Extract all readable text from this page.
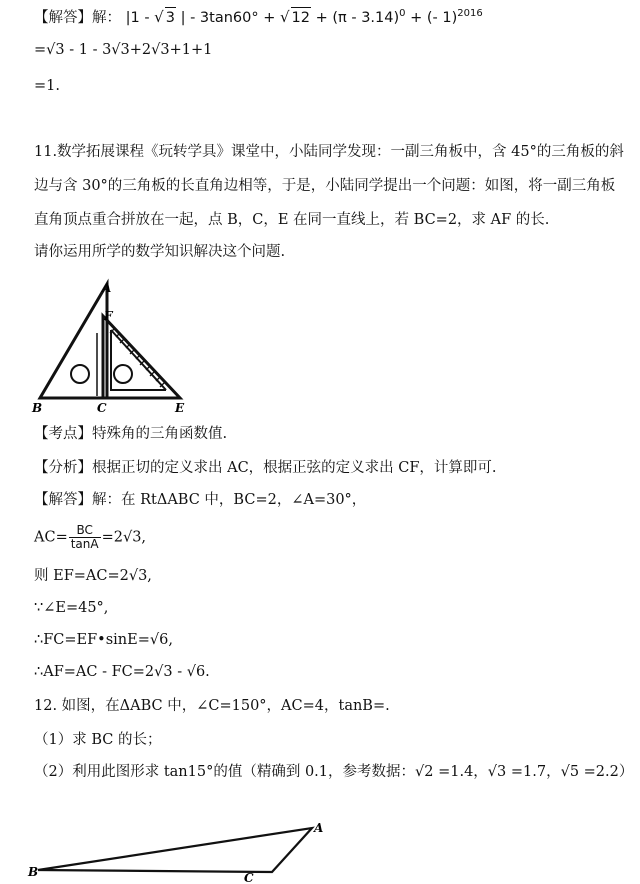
【解答】解： |1 - √ 3 | - 3tan60° + √ 12 + (π - 3.14)$^0$ + (- 1)$^{2016}$
=√3 - 1 - 3√3+2√3+1+1
=1.
11.数学拓展课程《玩转学具》课堂中，小陆同学发现：一副三角板中，含 45°的三角板的斜
边与含 30°的三角板的长直角边相等，于是，小陆同学提出一个问题：如图，将一副三角板
直角顶点重合拼放在一起，点 B，C，E 在同一直线上，若 BC=2，求 AF 的长.
请你运用所学的数学知识解决这个问题.
A
F
B	C	E
【考点】特殊角的三角函数值.
【分析】根据正切的定义求出 AC，根据正弦的定义求出 CF，计算即可.
【解答】解：在 RtΔABC 中，BC=2，∠A=30°，
$AC= \frac{BC}{\tan A} =2√3$,
则 EF=AC=2√3,
∵∠E=45°,
∴FC=EF•sinE=√6,
∴AF=AC - FC=2√3 - √6.
12. 如图，在ΔABC 中，∠C=150°，AC=4，tanB=.
（1）求 BC 的长；
（2）利用此图形求 tan15°的值（精确到 0.1，参考数据：√2 =1.4，√3 =1.7，√5 =2.2）
A
B	C
